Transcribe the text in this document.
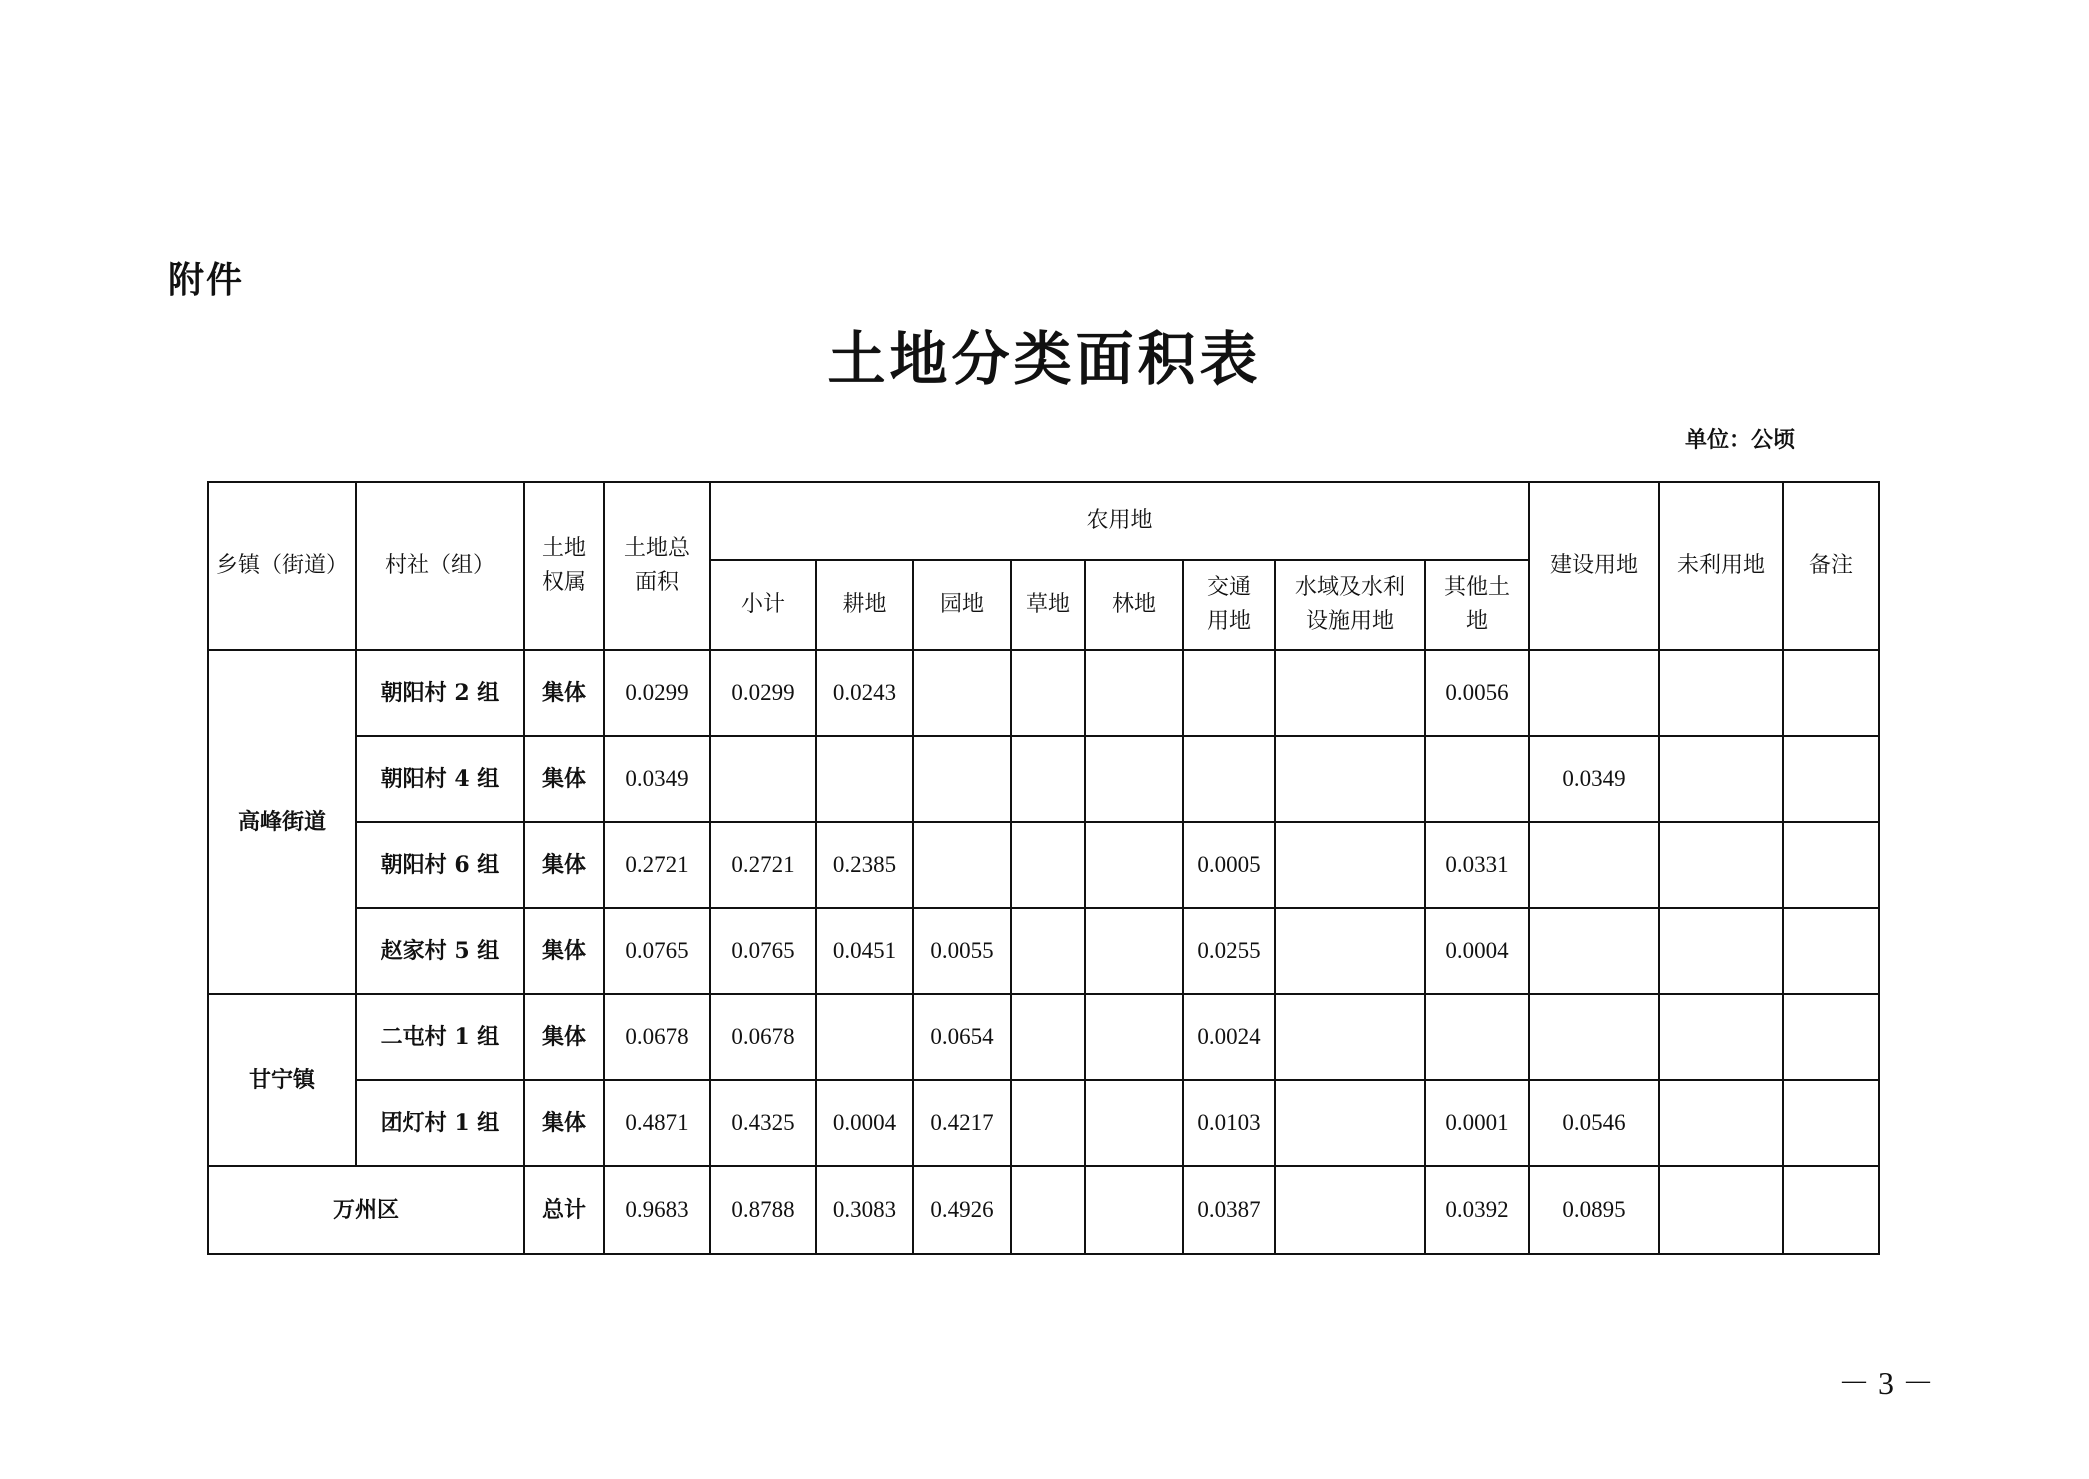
附件
土地分类面积表
单位：公顷
乡镇（街道）	村社（组）	土地权属	土地总面积	农用地								建设用地	未利用地	备注
				小计	耕地	园地	草地	林地	交通用地	水域及水利设施用地	其他土地			

高峰街道	朝阳村 2 组	集体	0.0299	0.0299	0.0243						0.0056			
	朝阳村 4 组	集体	0.0349									0.0349		
	朝阳村 6 组	集体	0.2721	0.2721	0.2385				0.0005		0.0331			
	赵家村 5 组	集体	0.0765	0.0765	0.0451	0.0055			0.0255		0.0004			
甘宁镇	二屯村 1 组	集体	0.0678	0.0678		0.0654			0.0024					
	团灯村 1 组	集体	0.4871	0.4325	0.0004	0.4217			0.0103		0.0001	0.0546		
万州区		总计	0.9683	0.8788	0.3083	0.4926			0.0387		0.0392	0.0895		
－ 3 －
